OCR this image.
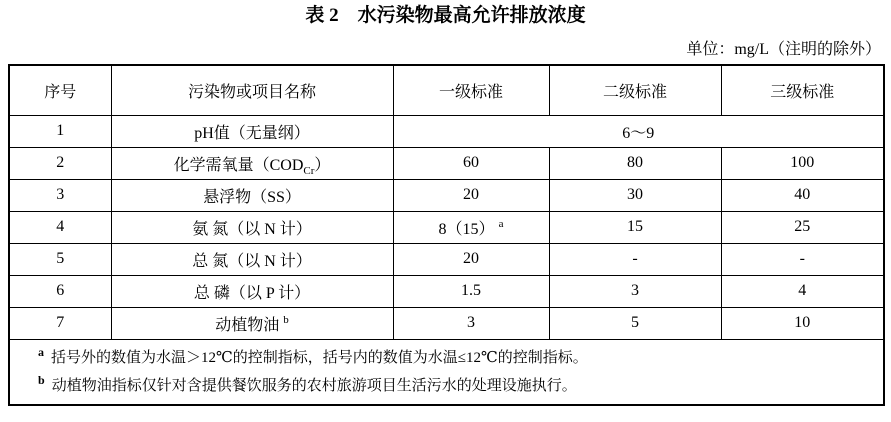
表 2　水污染物最高允许排放浓度
单位：mg/L（注明的除外）
序号	污染物或项目名称	一级标准	二级标准	三级标准
1	pH值（无量纲）	6～9		
2	化学需氧量$(COD_{Cr})$	60	80	100
3	悬浮物（SS）	20	30	40
4	氨 氮（以 N 计）	8（15） $^a$	15	25
5	总 氮（以 N 计）	20	-	-
6	总 磷（以 P 计）	1.5	3	4
7	动植物油 $^b$	3	5	10

$^a$ 括号外的数值为水温＞12℃的控制指标，括号内的数值为水温≤12℃的控制指标。
$^b$ 动植物油指标仅针对含提供餐饮服务的农村旅游项目生活污水的处理设施执行。				
